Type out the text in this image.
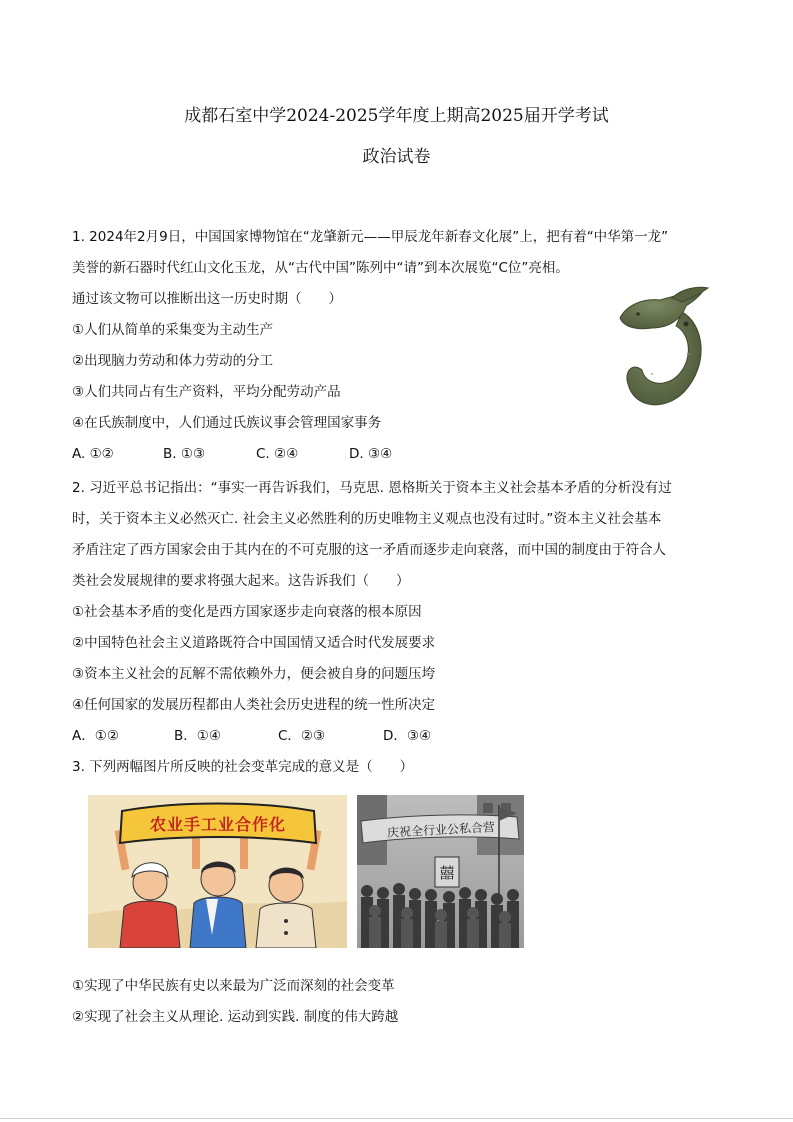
成都石室中学2024-2025学年度上期高2025届开学考试
政治试卷
1. 2024年2月9日，中国国家博物馆在“龙肇新元——甲辰龙年新春文化展”上，把有着“中华第一龙”
美誉的新石器时代红山文化玉龙，从“古代中国”陈列中“请”到本次展览“C位”亮相。
通过该文物可以推断出这一历史时期（　　）
①人们从简单的采集变为主动生产
②出现脑力劳动和体力劳动的分工
③人们共同占有生产资料，平均分配劳动产品
④在氏族制度中，人们通过氏族议事会管理国家事务
A. ①②	B. ①③	C. ②④	D. ③④
2. 习近平总书记指出：“事实一再告诉我们，马克思. 恩格斯关于资本主义社会基本矛盾的分析没有过
时，关于资本主义必然灭亡. 社会主义必然胜利的历史唯物主义观点也没有过时。”资本主义社会基本
矛盾注定了西方国家会由于其内在的不可克服的这一矛盾而逐步走向衰落，而中国的制度由于符合人
类社会发展规律的要求将强大起来。这告诉我们（　　）
①社会基本矛盾的变化是西方国家逐步走向衰落的根本原因
②中国特色社会主义道路既符合中国国情又适合时代发展要求
③资本主义社会的瓦解不需依赖外力，便会被自身的问题压垮
④任何国家的发展历程都由人类社会历史进程的统一性所决定
A．①②	B．①④	C．②③	D．③④
3. 下列两幅图片所反映的社会变革完成的意义是（　　）
农业手工业合作化	庆祝全行业公私合营
囍
①实现了中华民族有史以来最为广泛而深刻的社会变革
②实现了社会主义从理论. 运动到实践. 制度的伟大跨越
